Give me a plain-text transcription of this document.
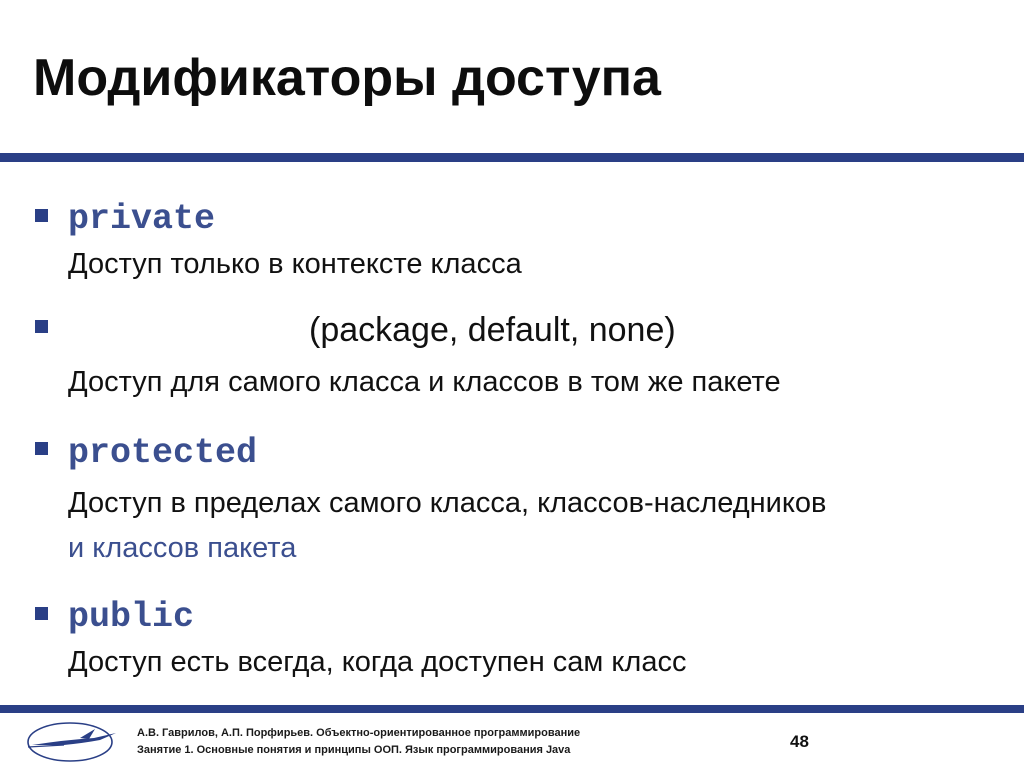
Модификаторы доступа
private
Доступ только в контексте класса
(package, default, none)
Доступ для самого класса и классов в том же пакете
protected
Доступ в пределах самого класса, классов-наследников
и классов пакета
public
Доступ есть всегда, когда доступен сам класс
А.В. Гаврилов, А.П. Порфирьев. Объектно-ориентированное программирование
Занятие 1. Основные понятия и принципы ООП. Язык программирования Java	48
